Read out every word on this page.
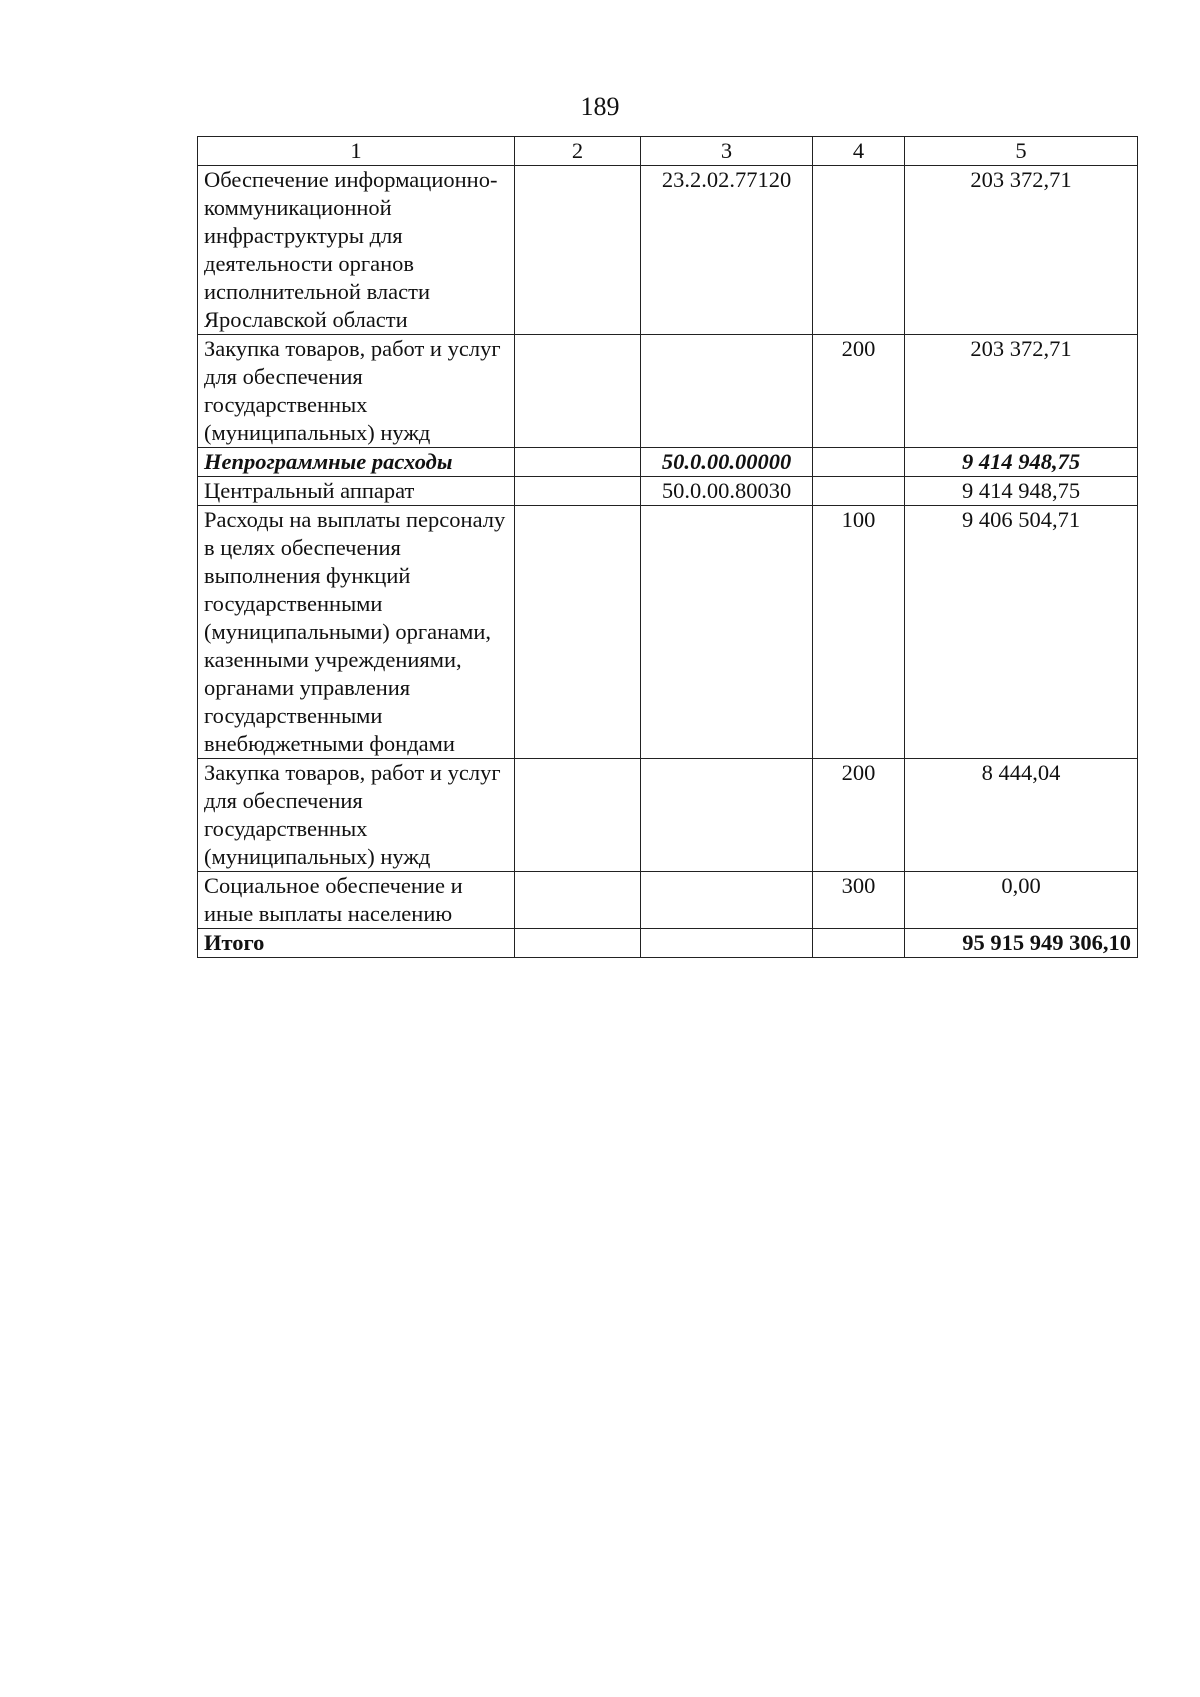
189
1	2	3	4	5
Обеспечение информационно-коммуникационной инфраструктуры для деятельности органов исполнительной власти Ярославской области		23.2.02.77120		203 372,71
Закупка товаров, работ и услуг для обеспечения государственных (муниципальных) нужд			200	203 372,71
Непрограммные расходы		50.0.00.00000		9 414 948,75
Центральный аппарат		50.0.00.80030		9 414 948,75
Расходы на выплаты персоналу в целях обеспечения выполнения функций государственными (муниципальными) органами, казенными учреждениями, органами управления государственными внебюджетными фондами			100	9 406 504,71
Закупка товаров, работ и услуг для обеспечения государственных (муниципальных) нужд			200	8 444,04
Социальное обеспечение и иные выплаты населению			300	0,00
Итого				95 915 949 306,10
